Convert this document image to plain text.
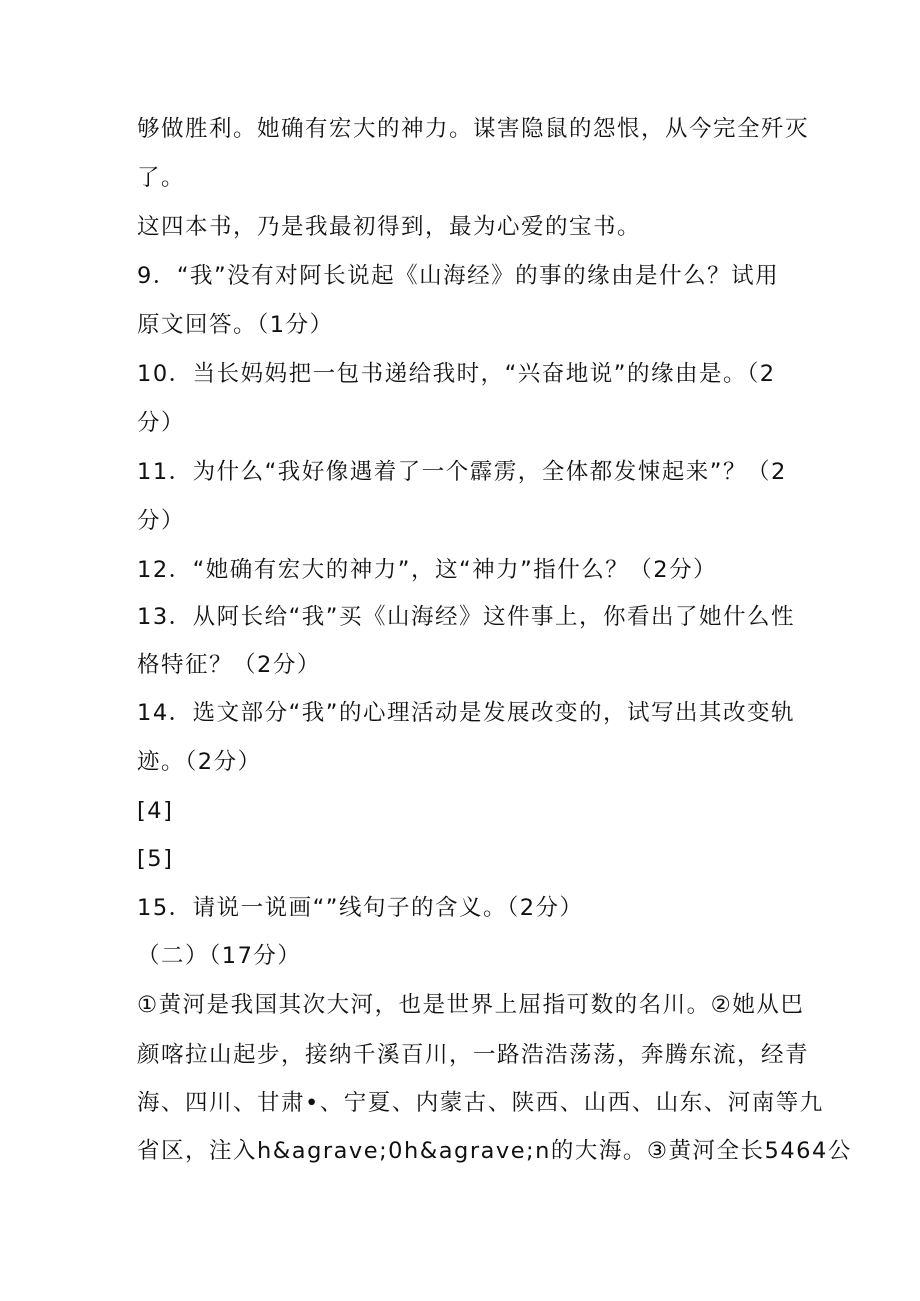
够做胜利。她确有宏大的神力。谋害隐鼠的怨恨，从今完全歼灭
了。
这四本书，乃是我最初得到，最为心爱的宝书。
9．“我”没有对阿长说起《山海经》的事的缘由是什么？试用
原文回答。（1分）
10．当长妈妈把一包书递给我时，“兴奋地说”的缘由是。（2
分）
11．为什么“我好像遇着了一个霹雳，全体都发悚起来”？（2
分）
12．“她确有宏大的神力”，这“神力”指什么？（2分）
13．从阿长给“我”买《山海经》这件事上，你看出了她什么性
格特征？（2分）
14．选文部分“我”的心理活动是发展改变的，试写出其改变轨
迹。（2分）
[4]
[5]
15．请说一说画“”线句子的含义。（2分）
（二）（17分）
①黄河是我国其次大河，也是世界上屈指可数的名川。②她从巴
颜喀拉山起步，接纳千溪百川，一路浩浩荡荡，奔腾东流，经青
海、四川、甘肃•、宁夏、内蒙古、陕西、山西、山东、河南等九
省区，注入h&agrave;0h&agrave;n的大海。③黄河全长5464公
